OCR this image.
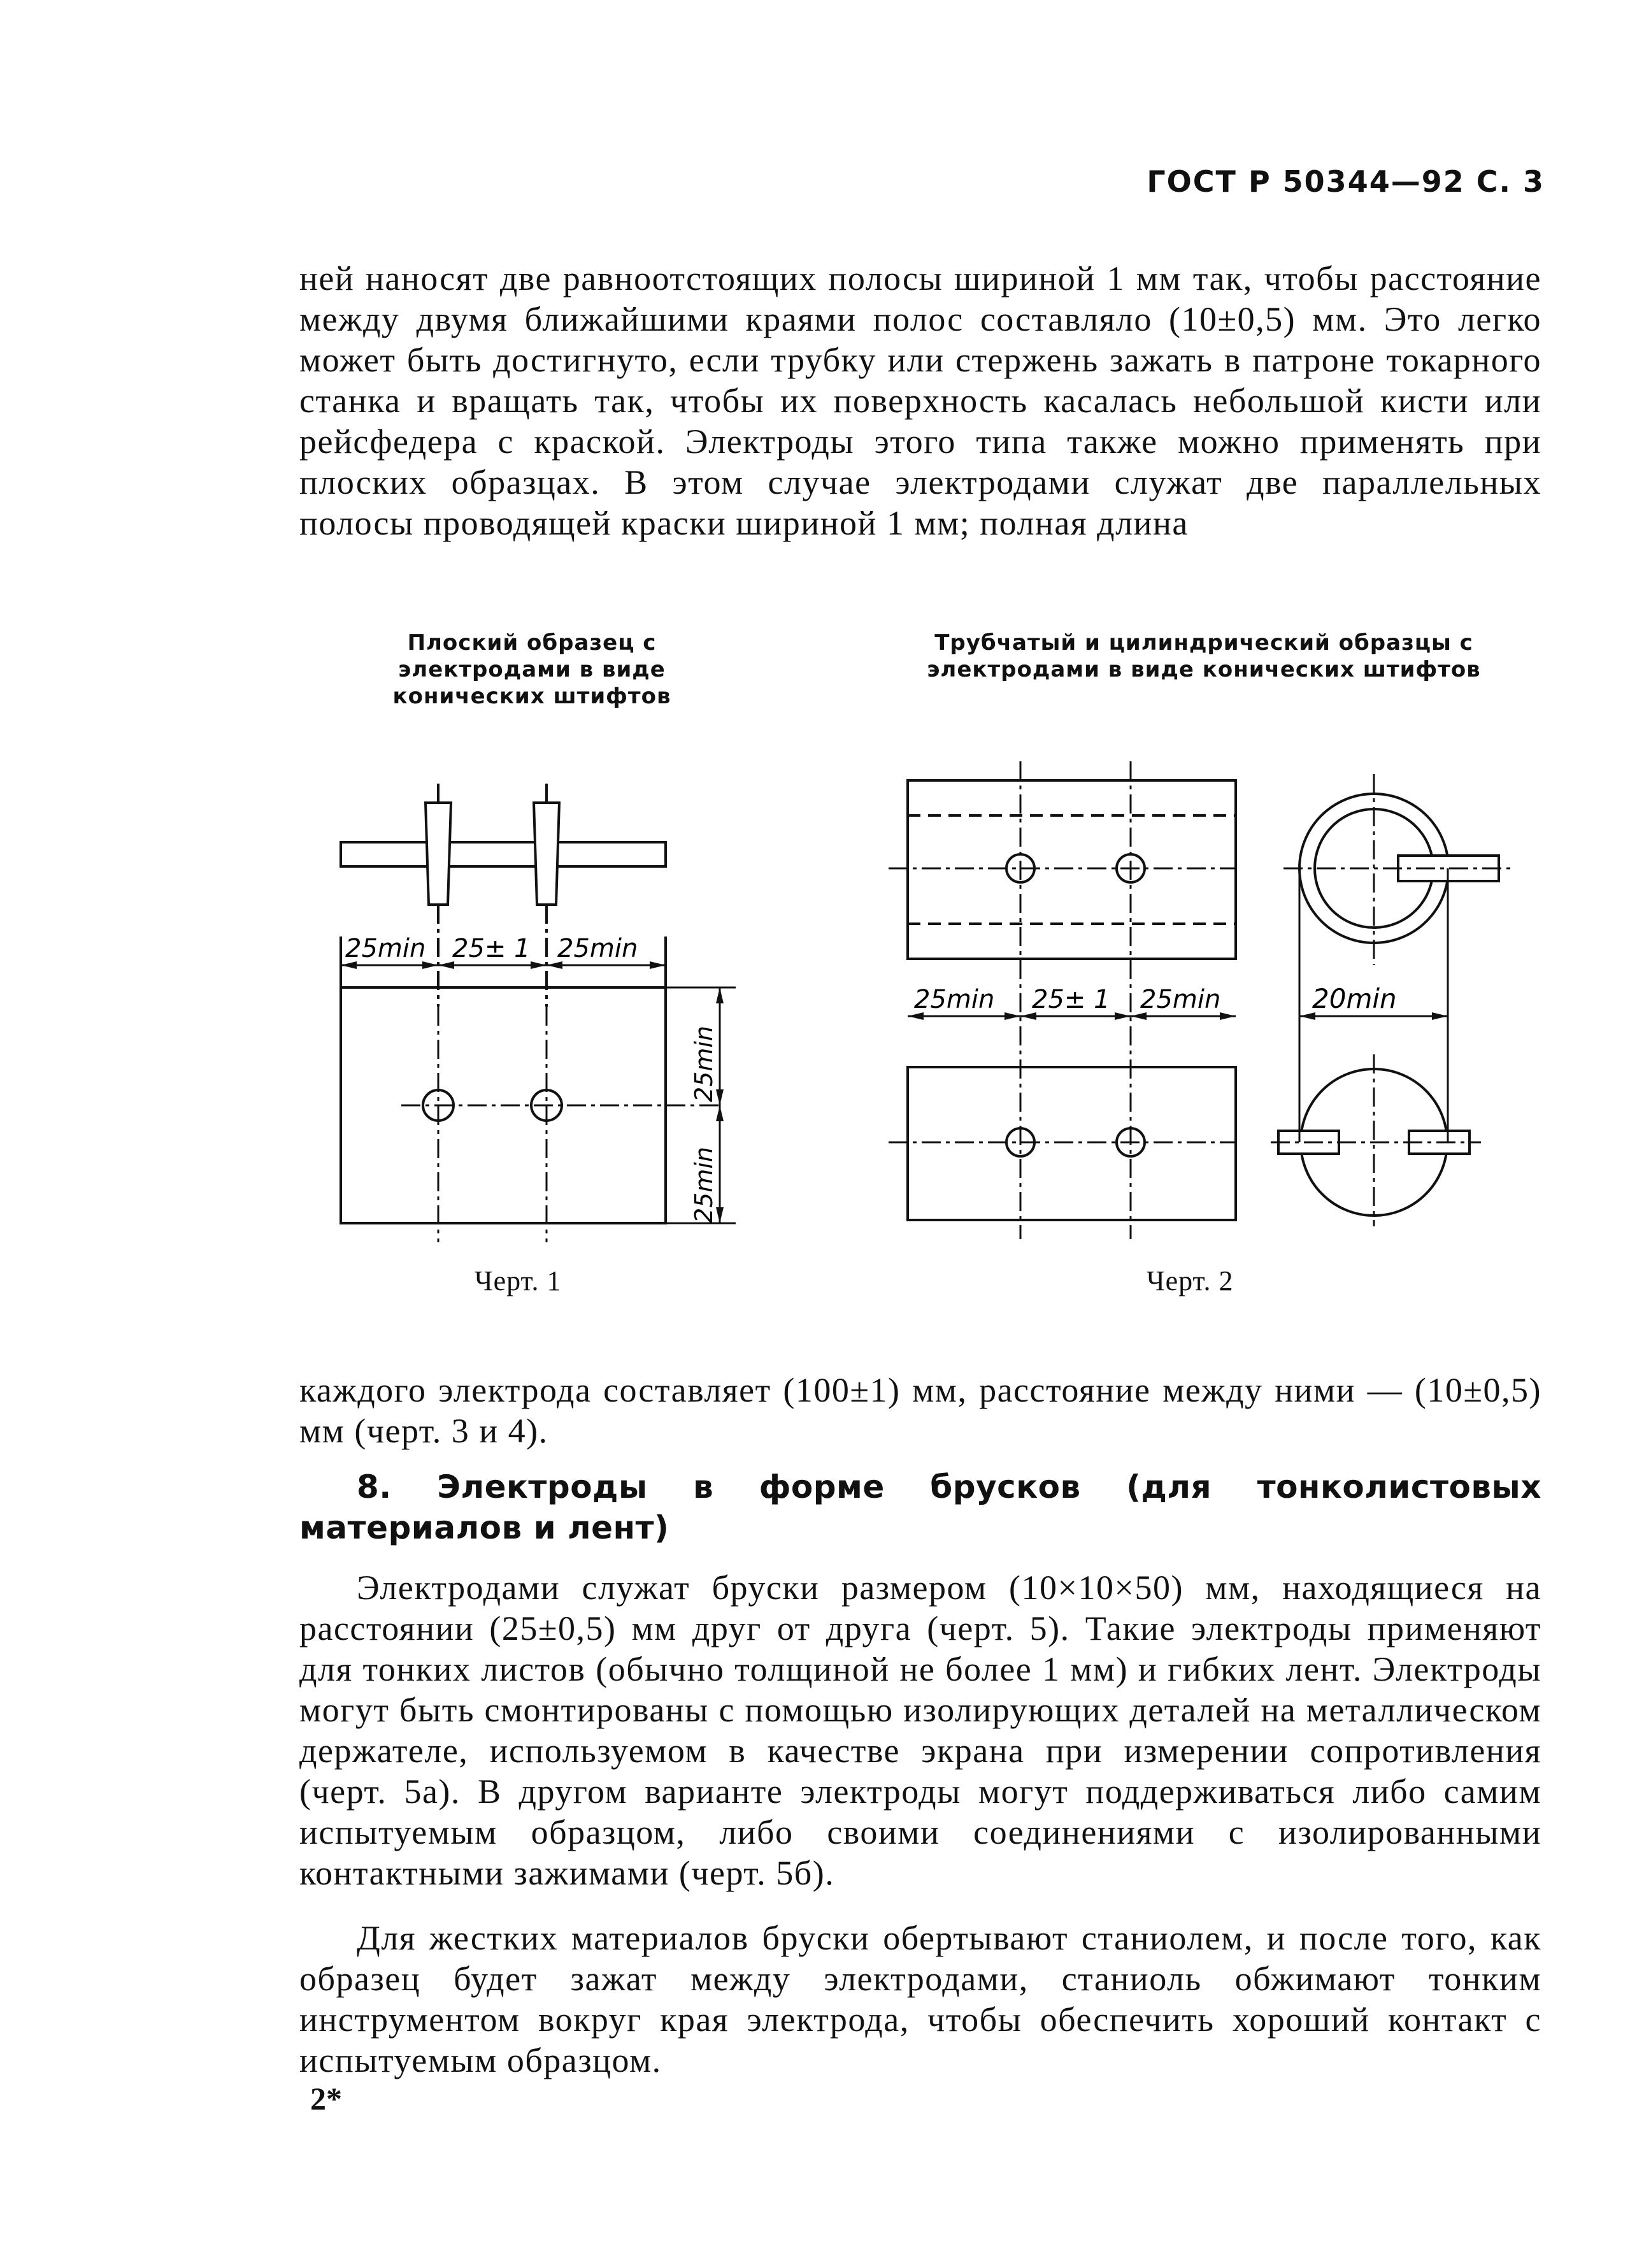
ГОСТ Р 50344—92 С. 3

ней наносят две равноотстоящих полосы шириной 1 мм так, чтобы расстояние между двумя ближайшими краями полос составляло (10±0,5) мм. Это легко может быть достигнуто, если трубку или стержень зажать в патроне токарного станка и вращать так, чтобы их поверхность касалась небольшой кисти или рейсфедера с краской. Электроды этого типа также можно применять при плоских образцах. В этом случае электродами служат две параллельных полосы проводящей краски шириной 1 мм; полная длина

Плоский образец с электродами в виде конических штифтов
Трубчатый и цилиндрический образцы с электродами в виде конических штифтов
25min 25± 1 25min
25min
25min
25min 25± 1 25min	20min
Черт. 1	Черт. 2

каждого электрода составляет (100±1) мм, расстояние между ними — (10±0,5) мм (черт. 3 и 4).

8. Электроды в форме брусков (для тонколистовых материалов и лент)

Электродами служат бруски размером (10×10×50) мм, находящиеся на расстоянии (25±0,5) мм друг от друга (черт. 5). Такие электроды применяют для тонких листов (обычно толщиной не более 1 мм) и гибких лент. Электроды могут быть смонтированы с помощью изолирующих деталей на металлическом держателе, используемом в качестве экрана при измерении сопротивления (черт. 5а). В другом варианте электроды могут поддерживаться либо самим испытуемым образцом, либо своими соединениями с изолированными контактными зажимами (черт. 5б).

Для жестких материалов бруски обертывают станиолем, и после того, как образец будет зажат между электродами, станиоль обжимают тонким инструментом вокруг края электрода, чтобы обеспечить хороший контакт с испытуемым образцом.

2*
